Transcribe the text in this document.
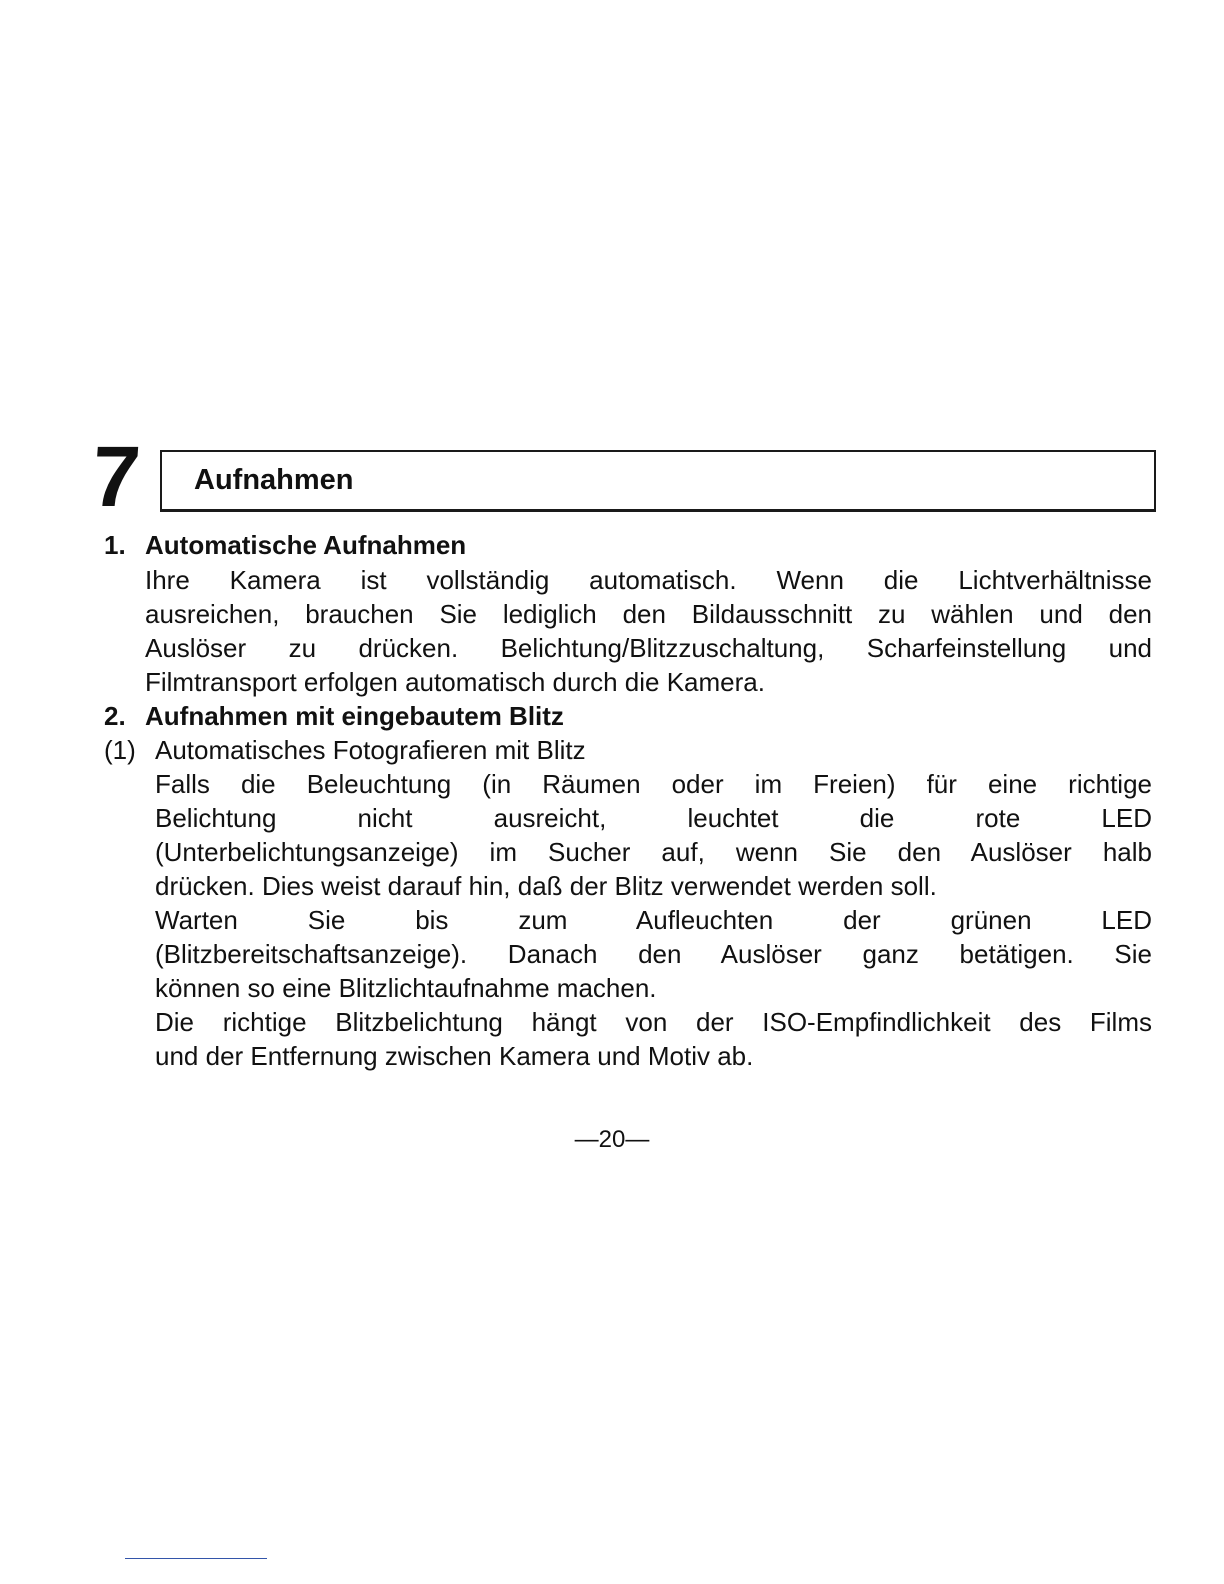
7 Aufnahmen
1. Automatische Aufnahmen
Ihre Kamera ist vollständig automatisch. Wenn die Lichtverhältnisse
ausreichen, brauchen Sie lediglich den Bildausschnitt zu wählen und den
Auslöser zu drücken. Belichtung/Blitzzuschaltung, Scharfeinstellung und
Filmtransport erfolgen automatisch durch die Kamera.
2. Aufnahmen mit eingebautem Blitz
(1) Automatisches Fotografieren mit Blitz
Falls die Beleuchtung (in Räumen oder im Freien) für eine richtige
Belichtung nicht ausreicht, leuchtet die rote LED
(Unterbelichtungsanzeige) im Sucher auf, wenn Sie den Auslöser halb
drücken. Dies weist darauf hin, daß der Blitz verwendet werden soll.
Warten Sie bis zum Aufleuchten der grünen LED
(Blitzbereitschaftsanzeige). Danach den Auslöser ganz betätigen. Sie
können so eine Blitzlichtaufnahme machen.
Die richtige Blitzbelichtung hängt von der ISO-Empfindlichkeit des Films
und der Entfernung zwischen Kamera und Motiv ab.
—20—
